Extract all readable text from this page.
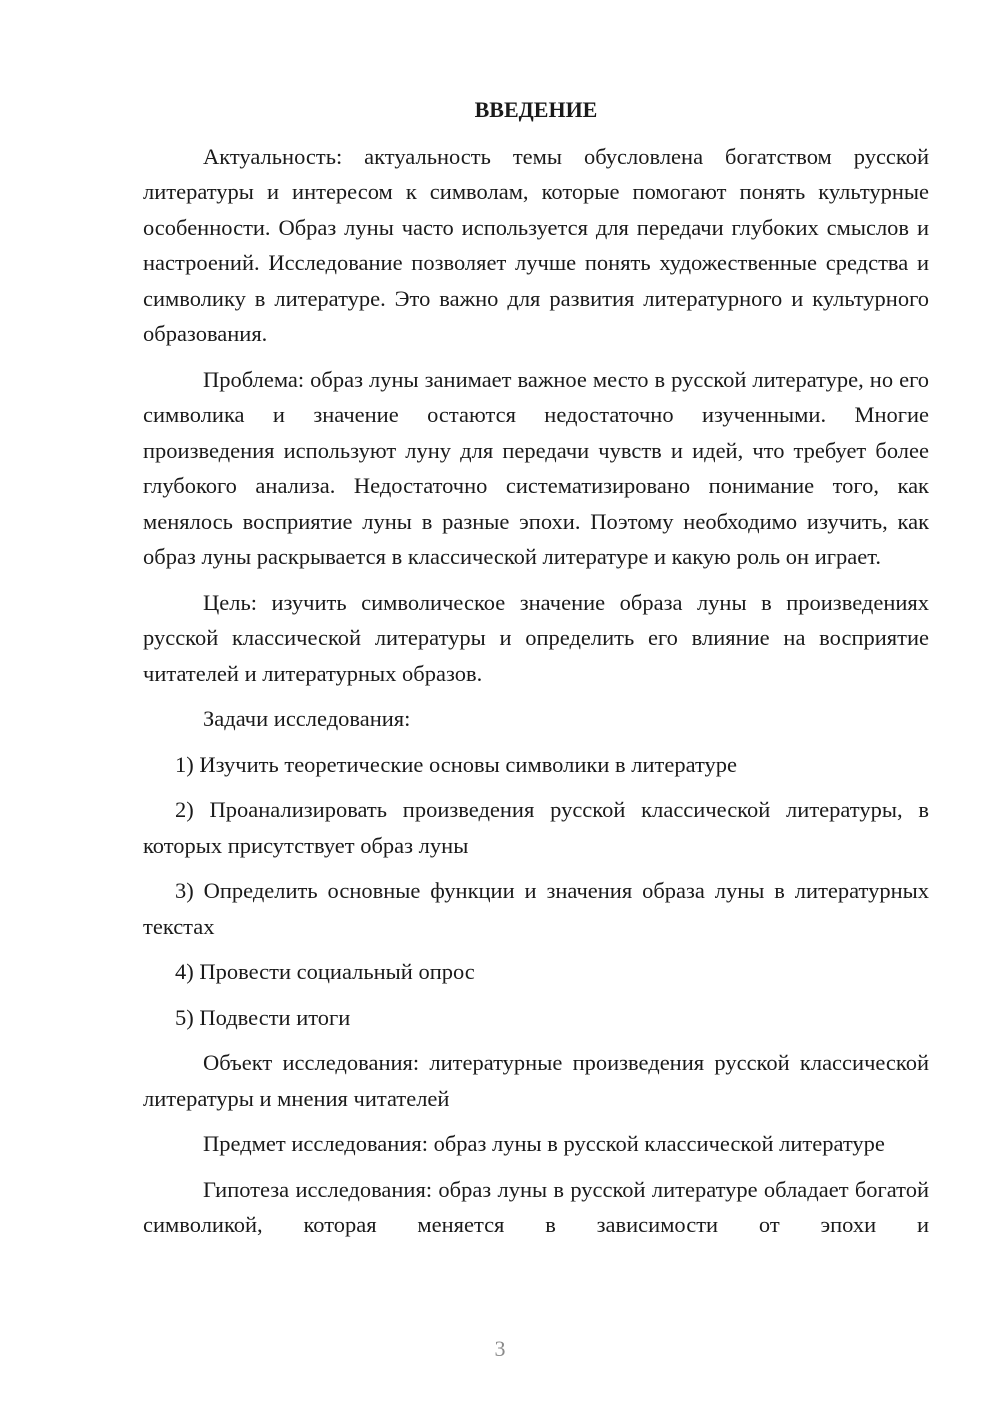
ВВЕДЕНИЕ

Актуальность: актуальность темы обусловлена богатством русской литературы и интересом к символам, которые помогают понять культурные особенности. Образ луны часто используется для передачи глубоких смыслов и настроений. Исследование позволяет лучше понять художественные средства и символику в литературе. Это важно для развития литературного и культурного образования.

Проблема: образ луны занимает важное место в русской литературе, но его символика и значение остаются недостаточно изученными. Многие произведения используют луну для передачи чувств и идей, что требует более глубокого анализа. Недостаточно систематизировано понимание того, как менялось восприятие луны в разные эпохи. Поэтому необходимо изучить, как образ луны раскрывается в классической литературе и какую роль он играет.

Цель: изучить символическое значение образа луны в произведениях русской классической литературы и определить его влияние на восприятие читателей и литературных образов.

Задачи исследования:

1) Изучить теоретические основы символики в литературе

2) Проанализировать произведения русской классической литературы, в которых присутствует образ луны

3) Определить основные функции и значения образа луны в литературных текстах

4) Провести социальный опрос

5) Подвести итоги

Объект исследования: литературные произведения русской классической литературы и мнения читателей

Предмет исследования: образ луны в русской классической литературе

Гипотеза исследования: образ луны в русской литературе обладает богатой символикой, которая меняется в зависимости от эпохи и

3
